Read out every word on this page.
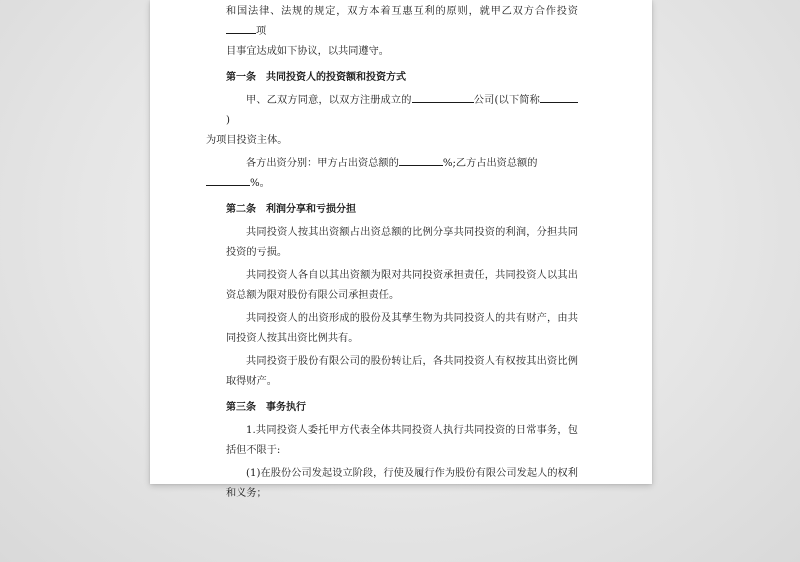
和国法律、法规的规定，双方本着互惠互利的原则，就甲乙双方合作投资项
目事宜达成如下协议，以共同遵守。

第一条 共同投资人的投资额和投资方式

甲、乙双方同意，以双方注册成立的	公司(以下简称 )
为项目投资主体。

各方出资分别：甲方占出资总额的	%;乙方占出资总额的
%。

第二条 利润分享和亏损分担

共同投资人按其出资额占出资总额的比例分享共同投资的利润，分担共同投资的亏损。

共同投资人各自以其出资额为限对共同投资承担责任，共同投资人以其出资总额为限对股份有限公司承担责任。

共同投资人的出资形成的股份及其孳生物为共同投资人的共有财产，由共同投资人按其出资比例共有。

共同投资于股份有限公司的股份转让后，各共同投资人有权按其出资比例取得财产。

第三条 事务执行

1.共同投资人委托甲方代表全体共同投资人执行共同投资的日常事务，包括但不限于:

(1)在股份公司发起设立阶段，行使及履行作为股份有限公司发起人的权利和义务；
